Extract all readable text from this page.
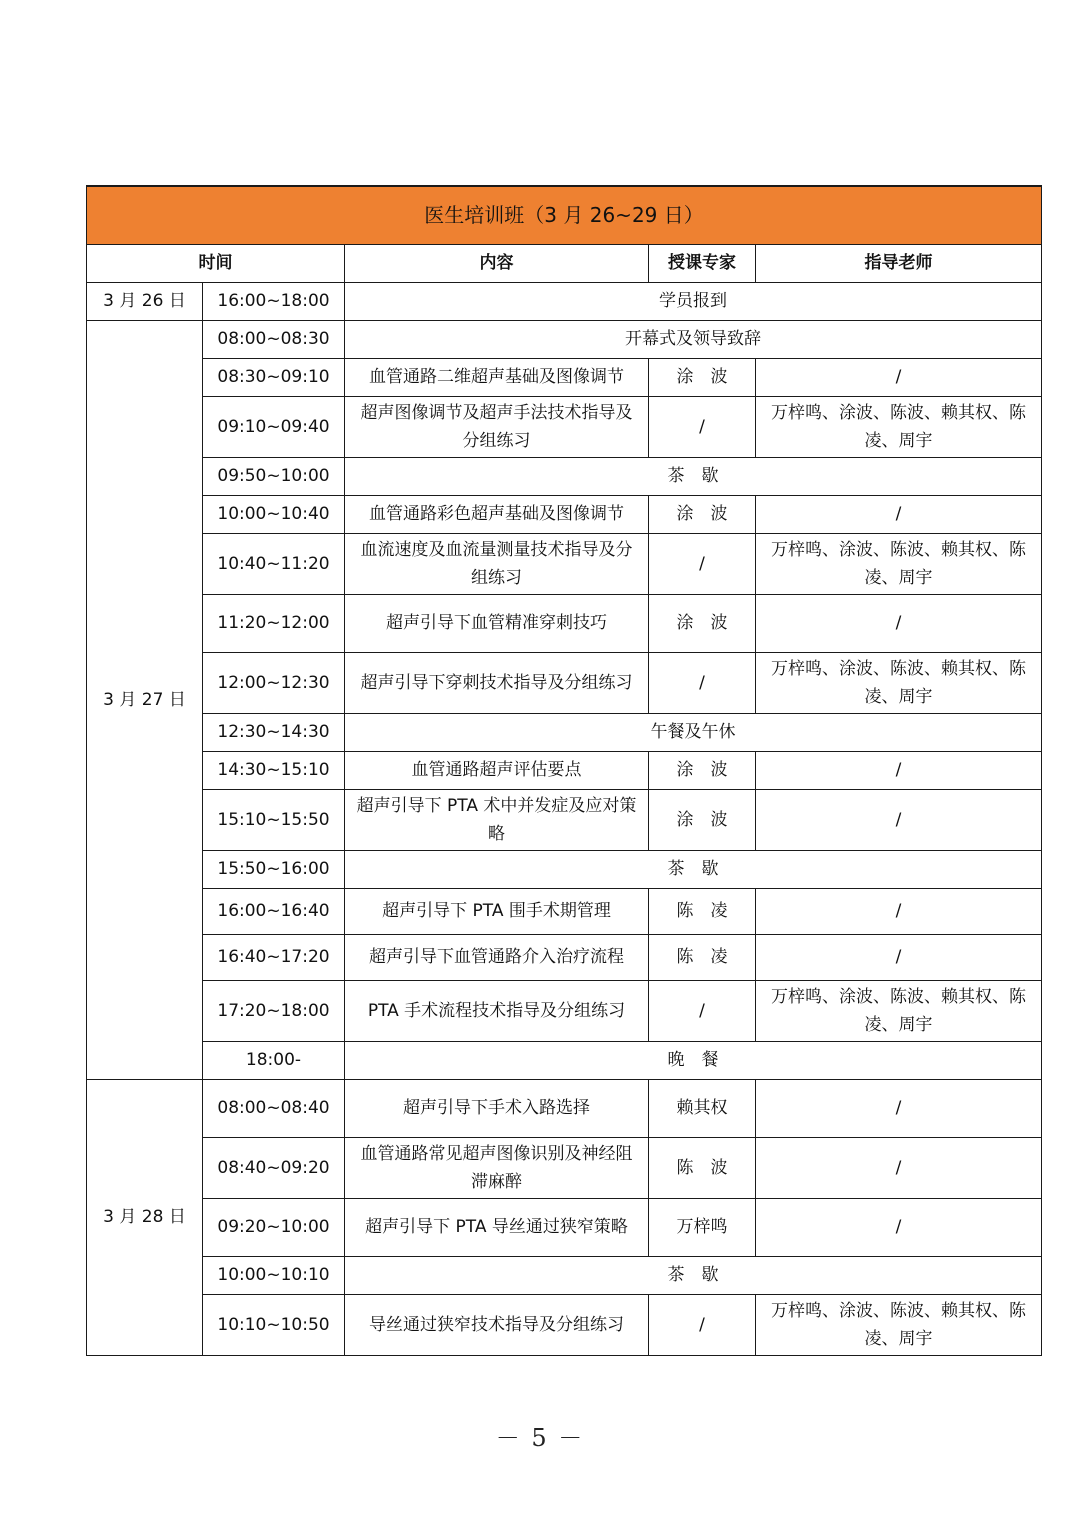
医生培训班（3 月 26~29 日）				
时间		内容	授课专家	指导老师
3 月 26 日	16:00~18:00	学员报到		
3 月 27 日	08:00~08:30	开幕式及领导致辞		
	08:30~09:10	血管通路二维超声基础及图像调节	涂　波	/
	09:10~09:40	超声图像调节及超声手法技术指导及分组练习	/	万梓鸣、涂波、陈波、赖其权、陈凌、周宇
	09:50~10:00	茶　歇		
	10:00~10:40	血管通路彩色超声基础及图像调节	涂　波	/
	10:40~11:20	血流速度及血流量测量技术指导及分组练习	/	万梓鸣、涂波、陈波、赖其权、陈凌、周宇
	11:20~12:00	超声引导下血管精准穿刺技巧	涂　波	/
	12:00~12:30	超声引导下穿刺技术指导及分组练习	/	万梓鸣、涂波、陈波、赖其权、陈凌、周宇
	12:30~14:30	午餐及午休		
	14:30~15:10	血管通路超声评估要点	涂　波	/
	15:10~15:50	超声引导下 PTA 术中并发症及应对策略	涂　波	/
	15:50~16:00	茶　歇		
	16:00~16:40	超声引导下 PTA 围手术期管理	陈　凌	/
	16:40~17:20	超声引导下血管通路介入治疗流程	陈　凌	/
	17:20~18:00	PTA 手术流程技术指导及分组练习	/	万梓鸣、涂波、陈波、赖其权、陈凌、周宇
	18:00-	晚　餐		
3 月 28 日	08:00~08:40	超声引导下手术入路选择	赖其权	/
	08:40~09:20	血管通路常见超声图像识别及神经阻滞麻醉	陈　波	/
	09:20~10:00	超声引导下 PTA 导丝通过狭窄策略	万梓鸣	/
	10:00~10:10	茶　歇		
	10:10~10:50	导丝通过狭窄技术指导及分组练习	/	万梓鸣、涂波、陈波、赖其权、陈凌、周宇
－ 5 －
